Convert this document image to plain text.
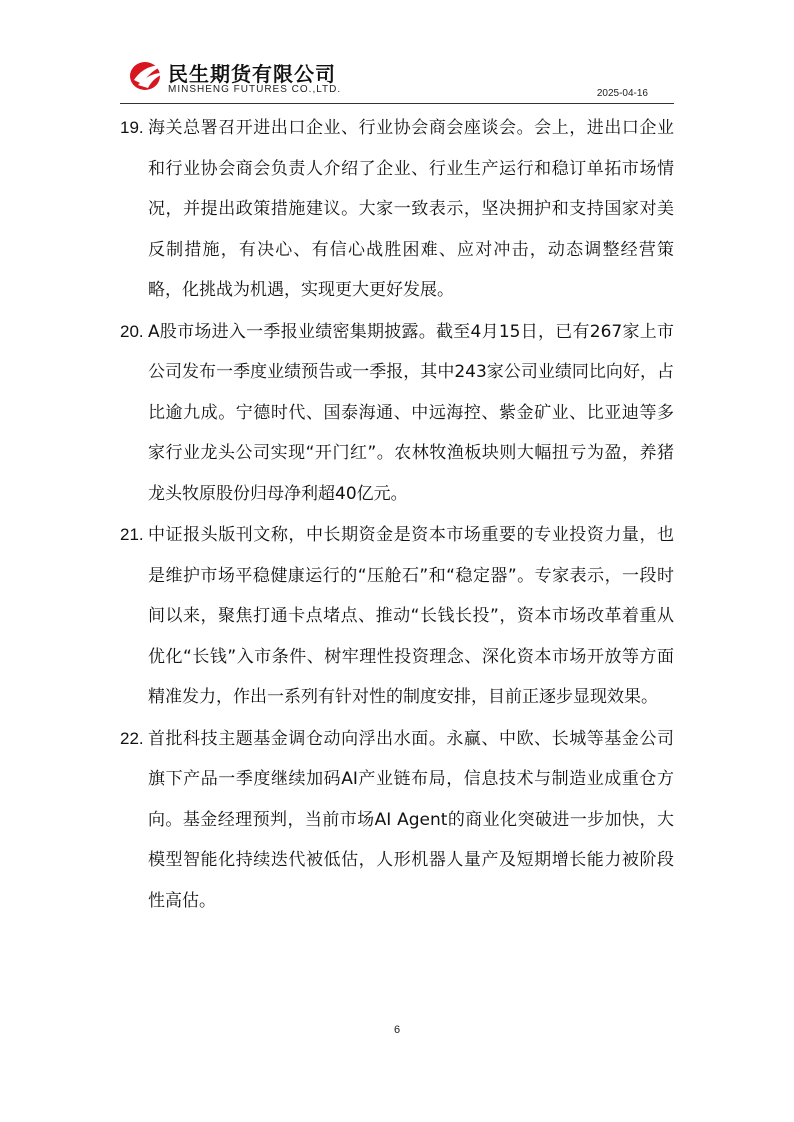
民生期货有限公司
MINSHENG FUTURES CO.,LTD.	2025-04-16
19. 海关总署召开进出口企业、行业协会商会座谈会。会上，进出口企业和行业协会商会负责人介绍了企业、行业生产运行和稳订单拓市场情况，并提出政策措施建议。大家一致表示，坚决拥护和支持国家对美反制措施，有决心、有信心战胜困难、应对冲击，动态调整经营策略，化挑战为机遇，实现更大更好发展。

20. A股市场进入一季报业绩密集期披露。截至4月15日，已有267家上市公司发布一季度业绩预告或一季报，其中243家公司业绩同比向好，占比逾九成。宁德时代、国泰海通、中远海控、紫金矿业、比亚迪等多家行业龙头公司实现“开门红”。农林牧渔板块则大幅扭亏为盈，养猪龙头牧原股份归母净利超40亿元。

21. 中证报头版刊文称，中长期资金是资本市场重要的专业投资力量，也是维护市场平稳健康运行的“压舱石”和“稳定器”。专家表示，一段时间以来，聚焦打通卡点堵点、推动“长钱长投”，资本市场改革着重从优化“长钱”入市条件、树牢理性投资理念、深化资本市场开放等方面精准发力，作出一系列有针对性的制度安排，目前正逐步显现效果。

22. 首批科技主题基金调仓动向浮出水面。永赢、中欧、长城等基金公司旗下产品一季度继续加码AI产业链布局，信息技术与制造业成重仓方向。基金经理预判，当前市场AI Agent的商业化突破进一步加快，大模型智能化持续迭代被低估，人形机器人量产及短期增长能力被阶段性高估。

6
